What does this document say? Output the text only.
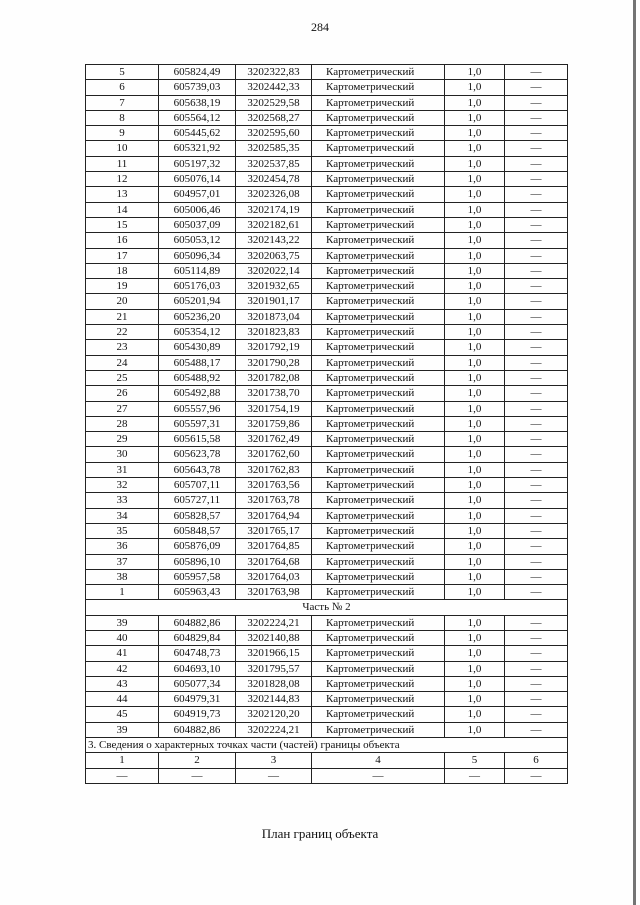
284
5	605824,49	3202322,83	Картометрический	1,0	—
6	605739,03	3202442,33	Картометрический	1,0	—
7	605638,19	3202529,58	Картометрический	1,0	—
8	605564,12	3202568,27	Картометрический	1,0	—
9	605445,62	3202595,60	Картометрический	1,0	—
10	605321,92	3202585,35	Картометрический	1,0	—
11	605197,32	3202537,85	Картометрический	1,0	—
12	605076,14	3202454,78	Картометрический	1,0	—
13	604957,01	3202326,08	Картометрический	1,0	—
14	605006,46	3202174,19	Картометрический	1,0	—
15	605037,09	3202182,61	Картометрический	1,0	—
16	605053,12	3202143,22	Картометрический	1,0	—
17	605096,34	3202063,75	Картометрический	1,0	—
18	605114,89	3202022,14	Картометрический	1,0	—
19	605176,03	3201932,65	Картометрический	1,0	—
20	605201,94	3201901,17	Картометрический	1,0	—
21	605236,20	3201873,04	Картометрический	1,0	—
22	605354,12	3201823,83	Картометрический	1,0	—
23	605430,89	3201792,19	Картометрический	1,0	—
24	605488,17	3201790,28	Картометрический	1,0	—
25	605488,92	3201782,08	Картометрический	1,0	—
26	605492,88	3201738,70	Картометрический	1,0	—
27	605557,96	3201754,19	Картометрический	1,0	—
28	605597,31	3201759,86	Картометрический	1,0	—
29	605615,58	3201762,49	Картометрический	1,0	—
30	605623,78	3201762,60	Картометрический	1,0	—
31	605643,78	3201762,83	Картометрический	1,0	—
32	605707,11	3201763,56	Картометрический	1,0	—
33	605727,11	3201763,78	Картометрический	1,0	—
34	605828,57	3201764,94	Картометрический	1,0	—
35	605848,57	3201765,17	Картометрический	1,0	—
36	605876,09	3201764,85	Картометрический	1,0	—
37	605896,10	3201764,68	Картометрический	1,0	—
38	605957,58	3201764,03	Картометрический	1,0	—
1	605963,43	3201763,98	Картометрический	1,0	—
Часть № 2					
39	604882,86	3202224,21	Картометрический	1,0	—
40	604829,84	3202140,88	Картометрический	1,0	—
41	604748,73	3201966,15	Картометрический	1,0	—
42	604693,10	3201795,57	Картометрический	1,0	—
43	605077,34	3201828,08	Картометрический	1,0	—
44	604979,31	3202144,83	Картометрический	1,0	—
45	604919,73	3202120,20	Картометрический	1,0	—
39	604882,86	3202224,21	Картометрический	1,0	—
3. Сведения о характерных точках части (частей) границы объекта					
1	2	3	4	5	6
—	—	—	—	—	—
План границ объекта
